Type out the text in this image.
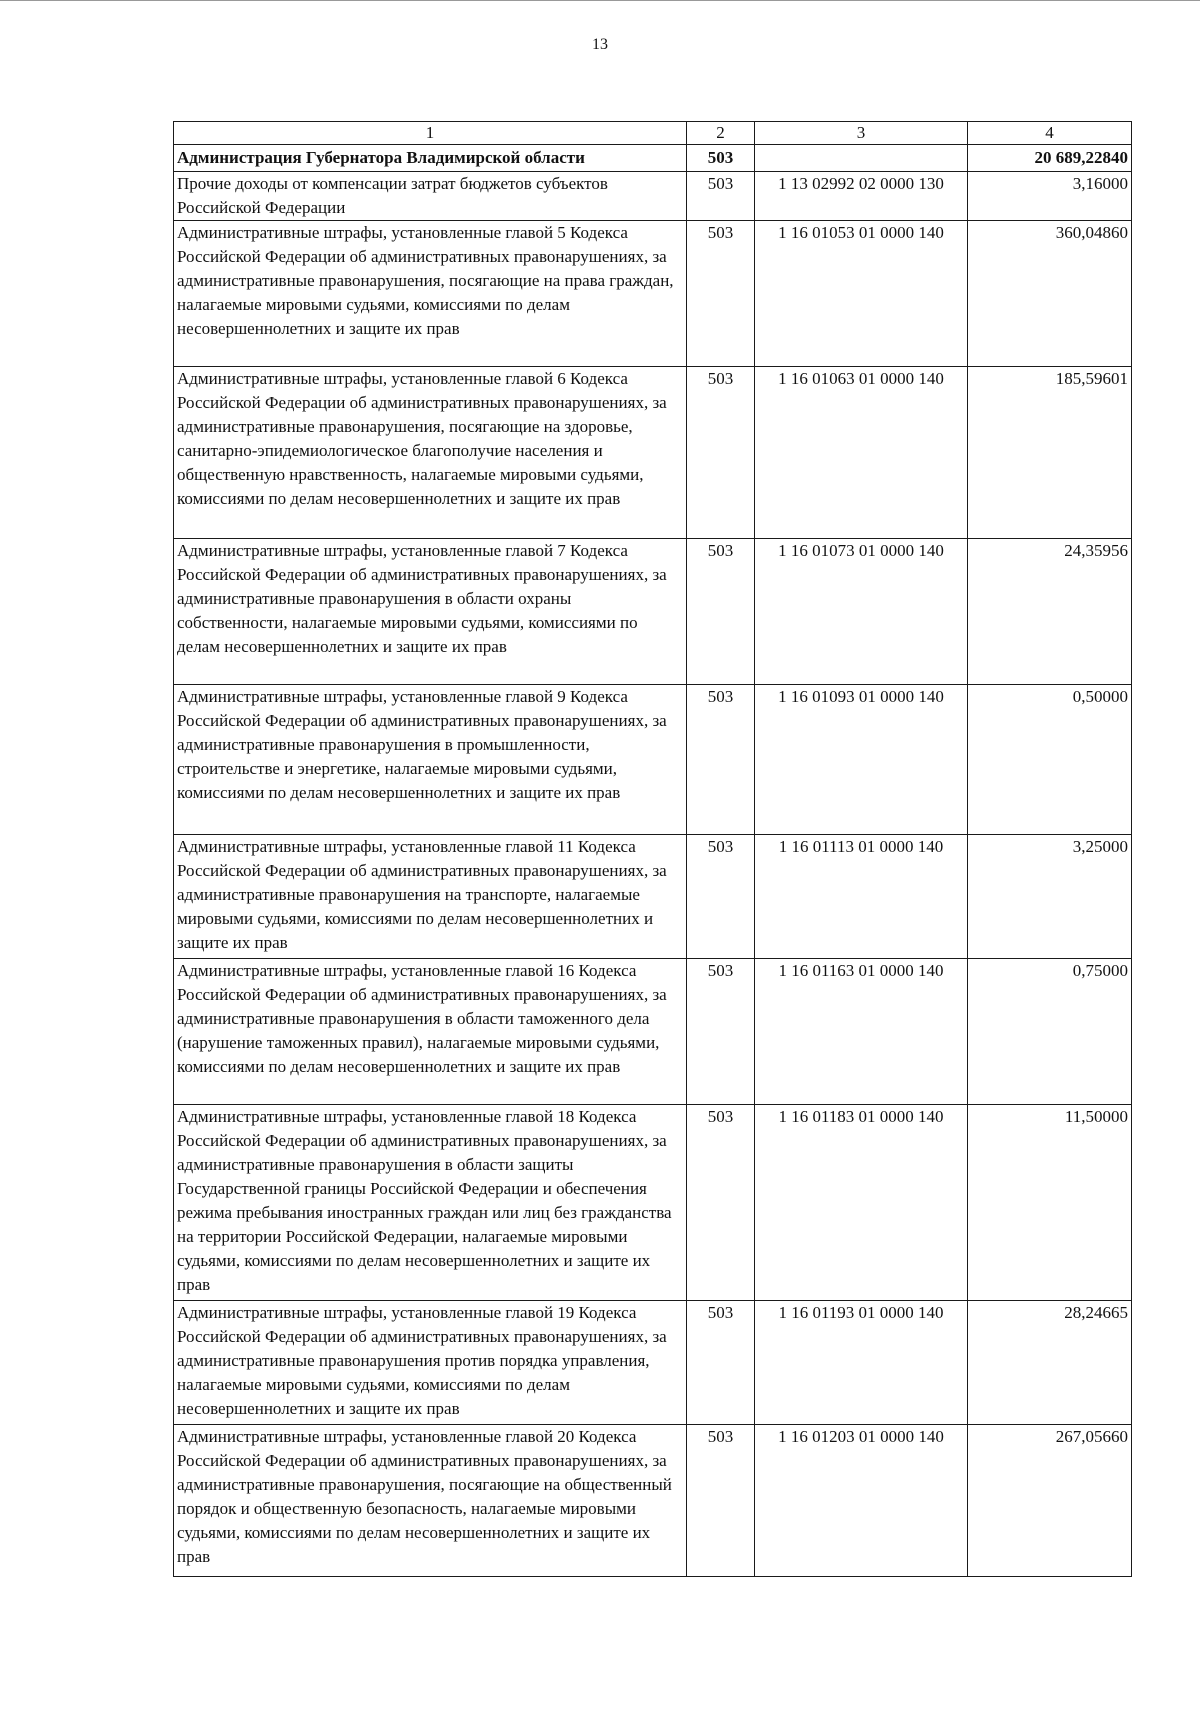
13
1	2	3	4
Администрация Губернатора Владимирской области	503		20 689,22840
Прочие доходы от компенсации затрат бюджетов субъектов Российской Федерации	503	1 13 02992 02 0000 130	3,16000
Административные штрафы, установленные главой 5 Кодекса Российской Федерации об административных правонарушениях, за административные правонарушения, посягающие на права граждан, налагаемые мировыми судьями, комиссиями по делам несовершеннолетних и защите их прав	503	1 16 01053 01 0000 140	360,04860
Административные штрафы, установленные главой 6 Кодекса Российской Федерации об административных правонарушениях, за административные правонарушения, посягающие на здоровье, санитарно-эпидемиологическое благополучие населения и общественную нравственность, налагаемые мировыми судьями, комиссиями по делам несовершеннолетних и защите их прав	503	1 16 01063 01 0000 140	185,59601
Административные штрафы, установленные главой 7 Кодекса Российской Федерации об административных правонарушениях, за административные правонарушения в области охраны собственности, налагаемые мировыми судьями, комиссиями по делам несовершеннолетних и защите их прав	503	1 16 01073 01 0000 140	24,35956
Административные штрафы, установленные главой 9 Кодекса Российской Федерации об административных правонарушениях, за административные правонарушения в промышленности, строительстве и энергетике, налагаемые мировыми судьями, комиссиями по делам несовершеннолетних и защите их прав	503	1 16 01093 01 0000 140	0,50000
Административные штрафы, установленные главой 11 Кодекса Российской Федерации об административных правонарушениях, за административные правонарушения на транспорте, налагаемые мировыми судьями, комиссиями по делам несовершеннолетних и защите их прав	503	1 16 01113 01 0000 140	3,25000
Административные штрафы, установленные главой 16 Кодекса Российской Федерации об административных правонарушениях, за административные правонарушения в области таможенного дела (нарушение таможенных правил), налагаемые мировыми судьями, комиссиями по делам несовершеннолетних и защите их прав	503	1 16 01163 01 0000 140	0,75000
Административные штрафы, установленные главой 18 Кодекса Российской Федерации об административных правонарушениях, за административные правонарушения в области защиты Государственной границы Российской Федерации и обеспечения режима пребывания иностранных граждан или лиц без гражданства на территории Российской Федерации, налагаемые мировыми судьями, комиссиями по делам несовершеннолетних и защите их прав	503	1 16 01183 01 0000 140	11,50000
Административные штрафы, установленные главой 19 Кодекса Российской Федерации об административных правонарушениях, за административные правонарушения против порядка управления, налагаемые мировыми судьями, комиссиями по делам несовершеннолетних и защите их прав	503	1 16 01193 01 0000 140	28,24665
Административные штрафы, установленные главой 20 Кодекса Российской Федерации об административных правонарушениях, за административные правонарушения, посягающие на общественный порядок и общественную безопасность, налагаемые мировыми судьями, комиссиями по делам несовершеннолетних и защите их прав	503	1 16 01203 01 0000 140	267,05660
